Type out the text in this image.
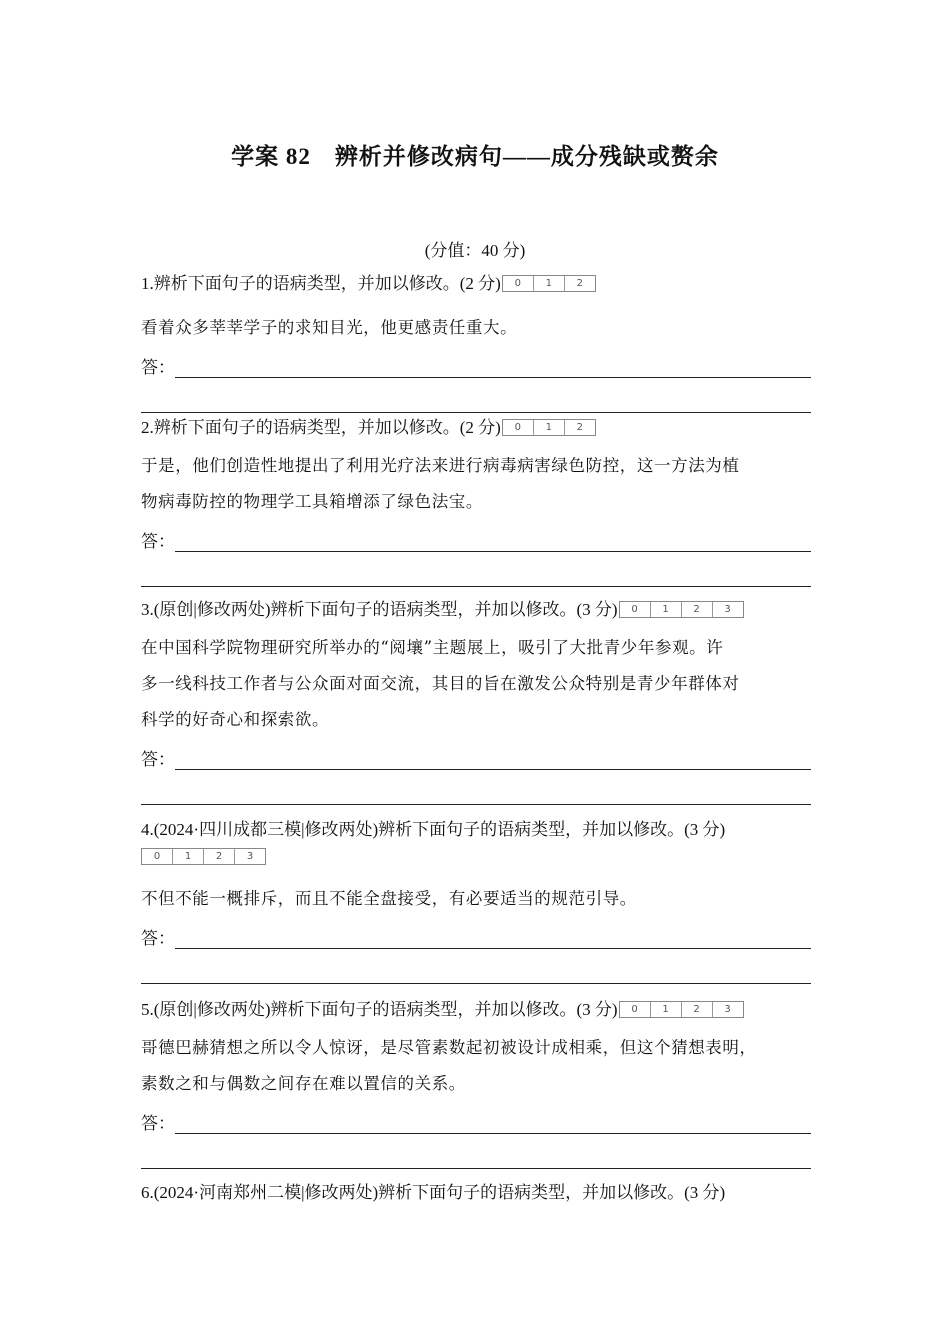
学案 82　辨析并修改病句——成分残缺或赘余
(分值：40 分)
1.辨析下面句子的语病类型，并加以修改。(2 分)	0	1	2
看着众多莘莘学子的求知目光，他更感责任重大。
答：
2.辨析下面句子的语病类型，并加以修改。(2 分)	0	1	2
于是，他们创造性地提出了利用光疗法来进行病毒病害绿色防控，这一方法为植
物病毒防控的物理学工具箱增添了绿色法宝。
答：
3.(原创|修改两处)辨析下面句子的语病类型，并加以修改。(3 分)	0	1	2	3
在中国科学院物理研究所举办的“阅壤”主题展上，吸引了大批青少年参观。许
多一线科技工作者与公众面对面交流，其目的旨在激发公众特别是青少年群体对
科学的好奇心和探索欲。
答：
4.(2024·四川成都三模|修改两处)辨析下面句子的语病类型，并加以修改。(3 分)
0	1	2	3
不但不能一概排斥，而且不能全盘接受，有必要适当的规范引导。
答：
5.(原创|修改两处)辨析下面句子的语病类型，并加以修改。(3 分)	0	1	2	3
哥德巴赫猜想之所以令人惊讶，是尽管素数起初被设计成相乘，但这个猜想表明，
素数之和与偶数之间存在难以置信的关系。
答：
6.(2024·河南郑州二模|修改两处)辨析下面句子的语病类型，并加以修改。(3 分)
